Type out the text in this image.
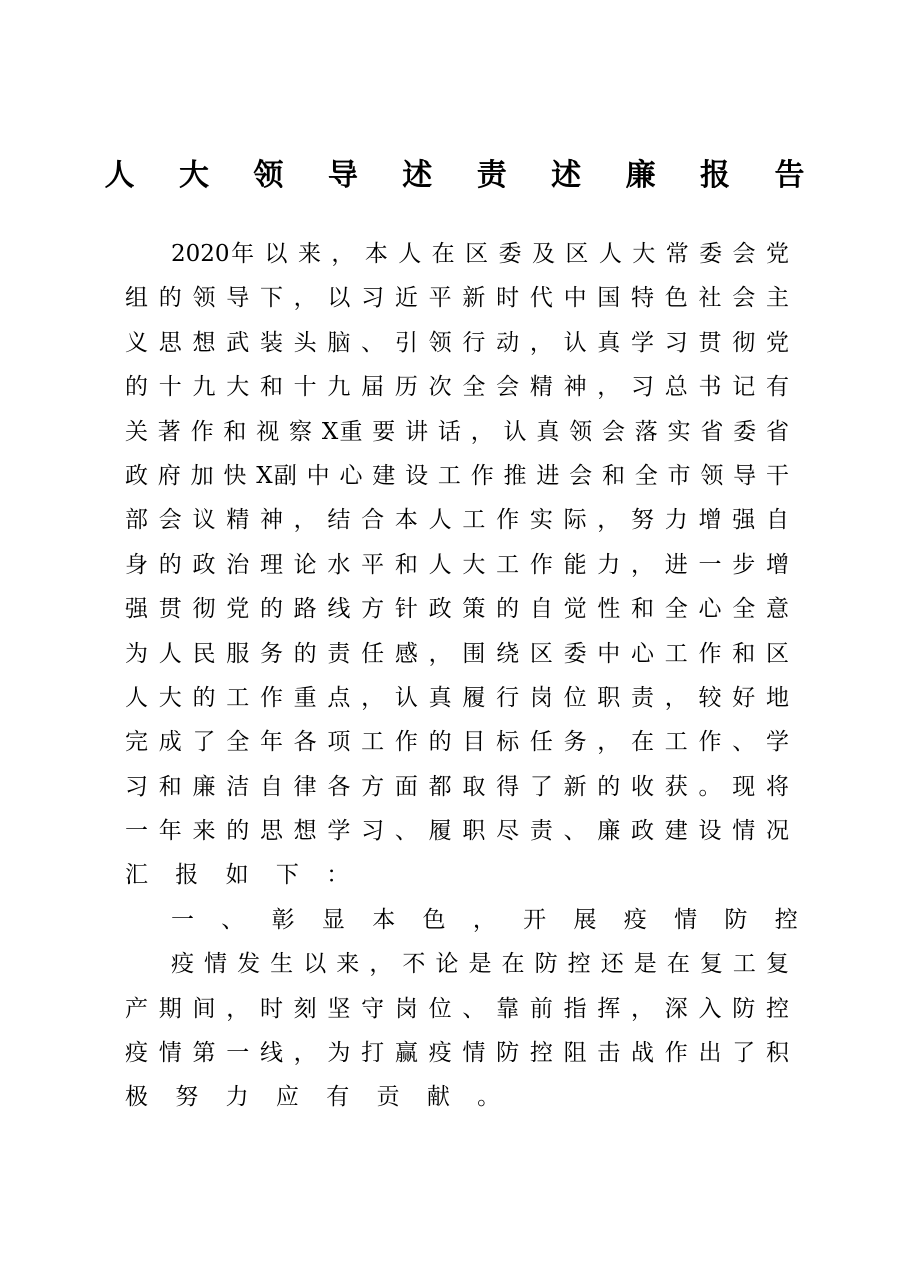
人 大 领 导 述 责 述 廉 报 告
2020年 以 来 ， 本 人 在 区 委 及 区 人 大 常 委 会 党
组 的 领 导 下 ， 以 习 近 平 新 时 代 中 国 特 色 社 会 主
义 思 想 武 装 头 脑 、 引 领 行 动 ， 认 真 学 习 贯 彻 党
的 十 九 大 和 十 九 届 历 次 全 会 精 神 ， 习 总 书 记 有
关 著 作 和 视 察 X重 要 讲 话 ， 认 真 领 会 落 实 省 委 省
政 府 加 快 X副 中 心 建 设 工 作 推 进 会 和 全 市 领 导 干
部 会 议 精 神 ， 结 合 本 人 工 作 实 际 ， 努 力 增 强 自
身 的 政 治 理 论 水 平 和 人 大 工 作 能 力 ， 进 一 步 增
强 贯 彻 党 的 路 线 方 针 政 策 的 自 觉 性 和 全 心 全 意
为 人 民 服 务 的 责 任 感 ， 围 绕 区 委 中 心 工 作 和 区
人 大 的 工 作 重 点 ， 认 真 履 行 岗 位 职 责 ， 较 好 地
完 成 了 全 年 各 项 工 作 的 目 标 任 务 ， 在 工 作 、 学
习 和 廉 洁 自 律 各 方 面 都 取 得 了 新 的 收 获 。 现 将
一 年 来 的 思 想 学 习 、 履 职 尽 责 、 廉 政 建 设 情 况
汇 报 如 下 ：
一 、 彰 显 本 色 ， 开 展 疫 情 防 控
疫 情 发 生 以 来 ， 不 论 是 在 防 控 还 是 在 复 工 复
产 期 间 ， 时 刻 坚 守 岗 位 、 靠 前 指 挥 ， 深 入 防 控
疫 情 第 一 线 ， 为 打 赢 疫 情 防 控 阻 击 战 作 出 了 积
极 努 力 应 有 贡 献 。
